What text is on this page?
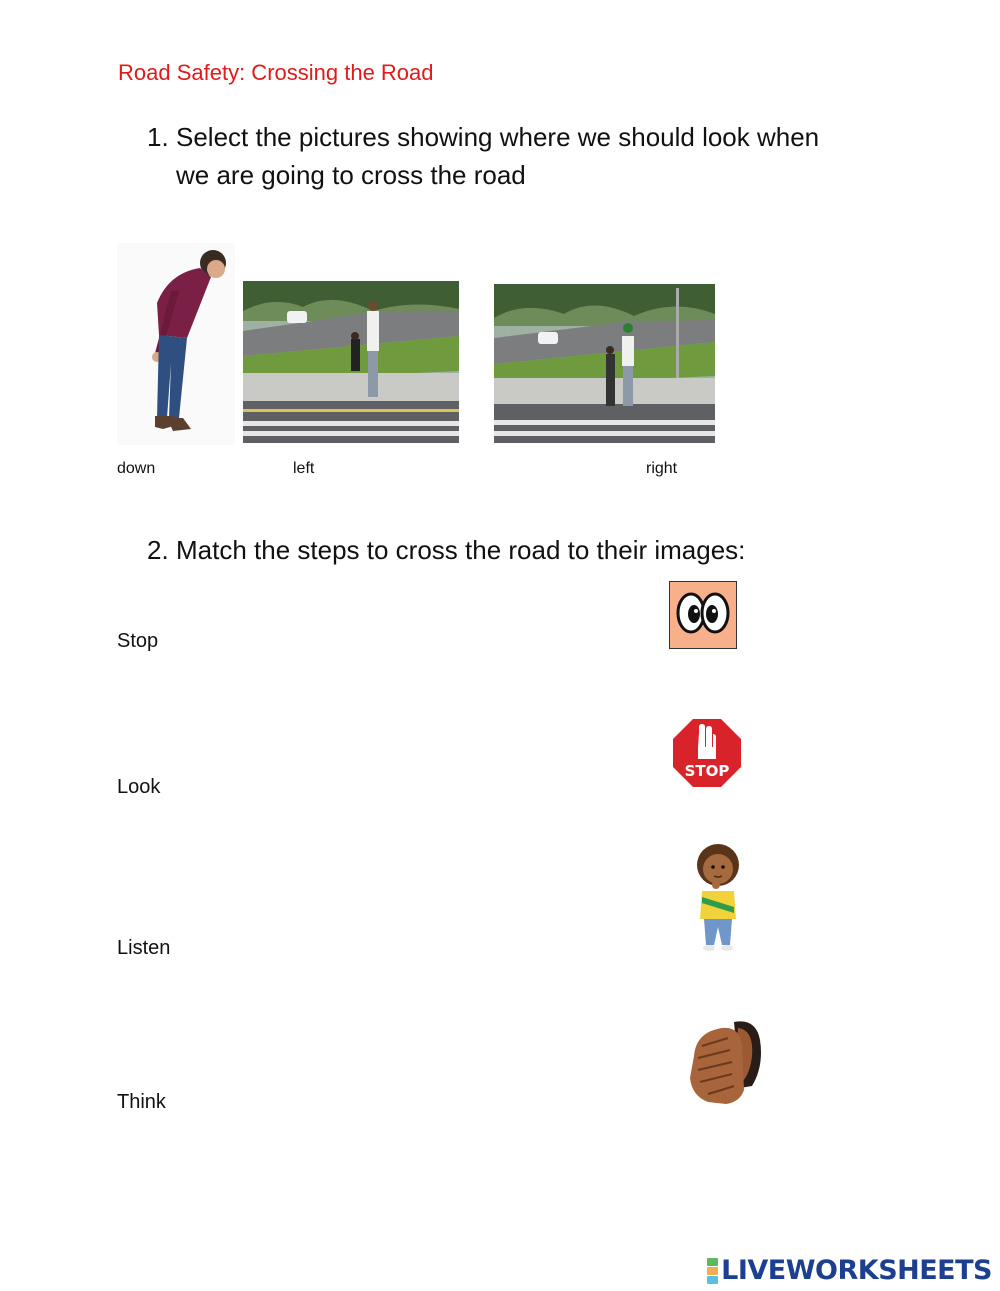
Road Safety: Crossing the Road
1. Select the pictures showing where we should look when
we are going to cross the road
down	left	right
2. Match the steps to cross the road to their images:
Stop
Look
Listen
Think
STOP
LIVEWORKSHEETS
